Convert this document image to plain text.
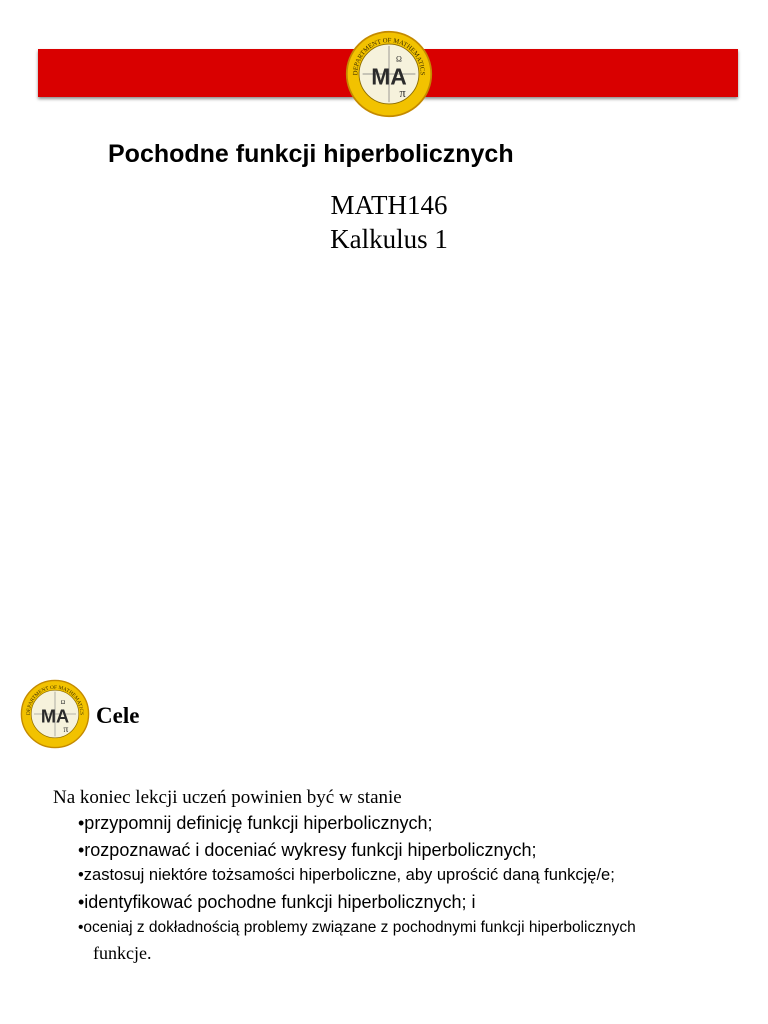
DEPARTMENT OF MATHEMATICS
MA
π
Ω
Pochodne funkcji hiperbolicznych
MATH146
Kalkulus 1
DEPARTMENT OF MATHEMATICS
MA
π
Ω
Cele
Na koniec lekcji uczeń powinien być w stanie
•przypomnij definicję funkcji hiperbolicznych;
•rozpoznawać i doceniać wykresy funkcji hiperbolicznych;
•zastosuj niektóre tożsamości hiperboliczne, aby uprościć daną funkcję/e;
•identyfikować pochodne funkcji hiperbolicznych; i
•oceniaj z dokładnością problemy związane z pochodnymi funkcji hiperbolicznych
funkcje.
